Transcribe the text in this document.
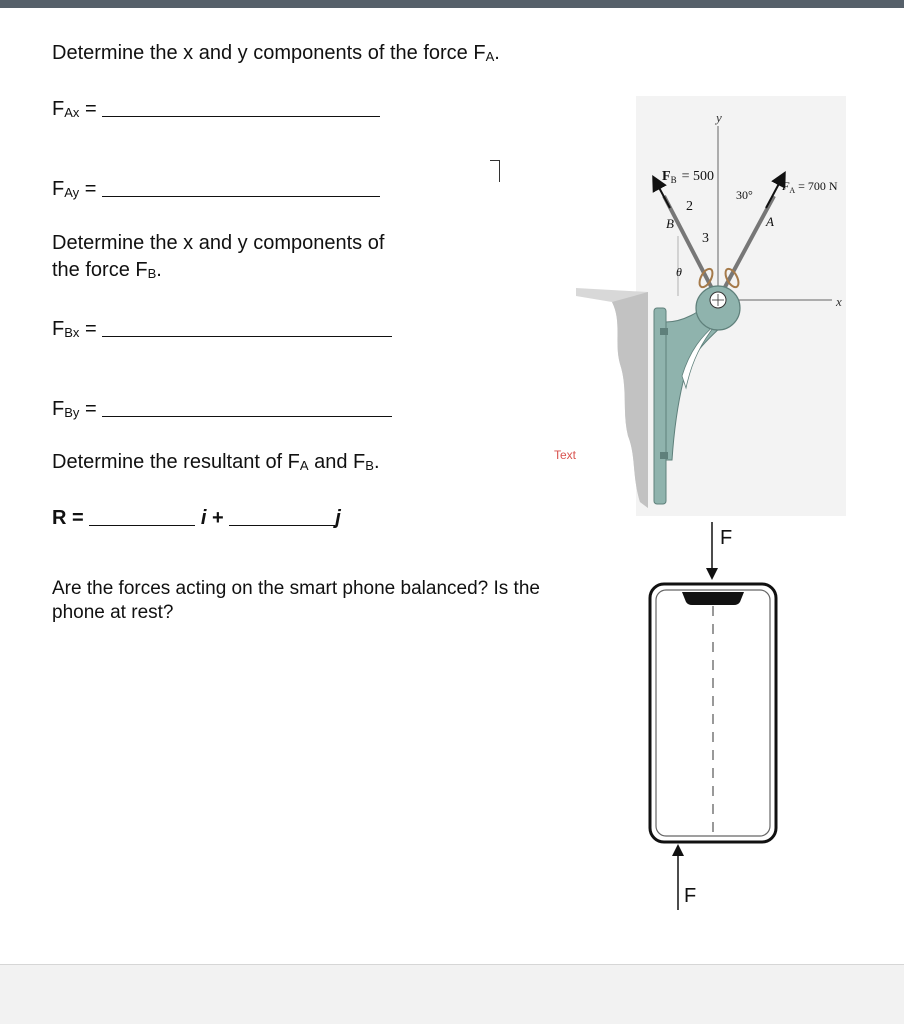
Determine the x and y components of the force $F_A$.
$F_{Ax}$ =
$F_{Ay}$ =
Determine the x and y components of
the force $F_B$.
$F_{Bx}$ =
$F_{By}$ =
Determine the resultant of $F_A$ and $F_B$.
R =	i +	j
Text
Are the forces acting on the smart phone balanced? Is the
phone at rest?
y
x
$F_B = 500$
2
3
B	A
30°
θ
$F_A = 700$ N
F
F
